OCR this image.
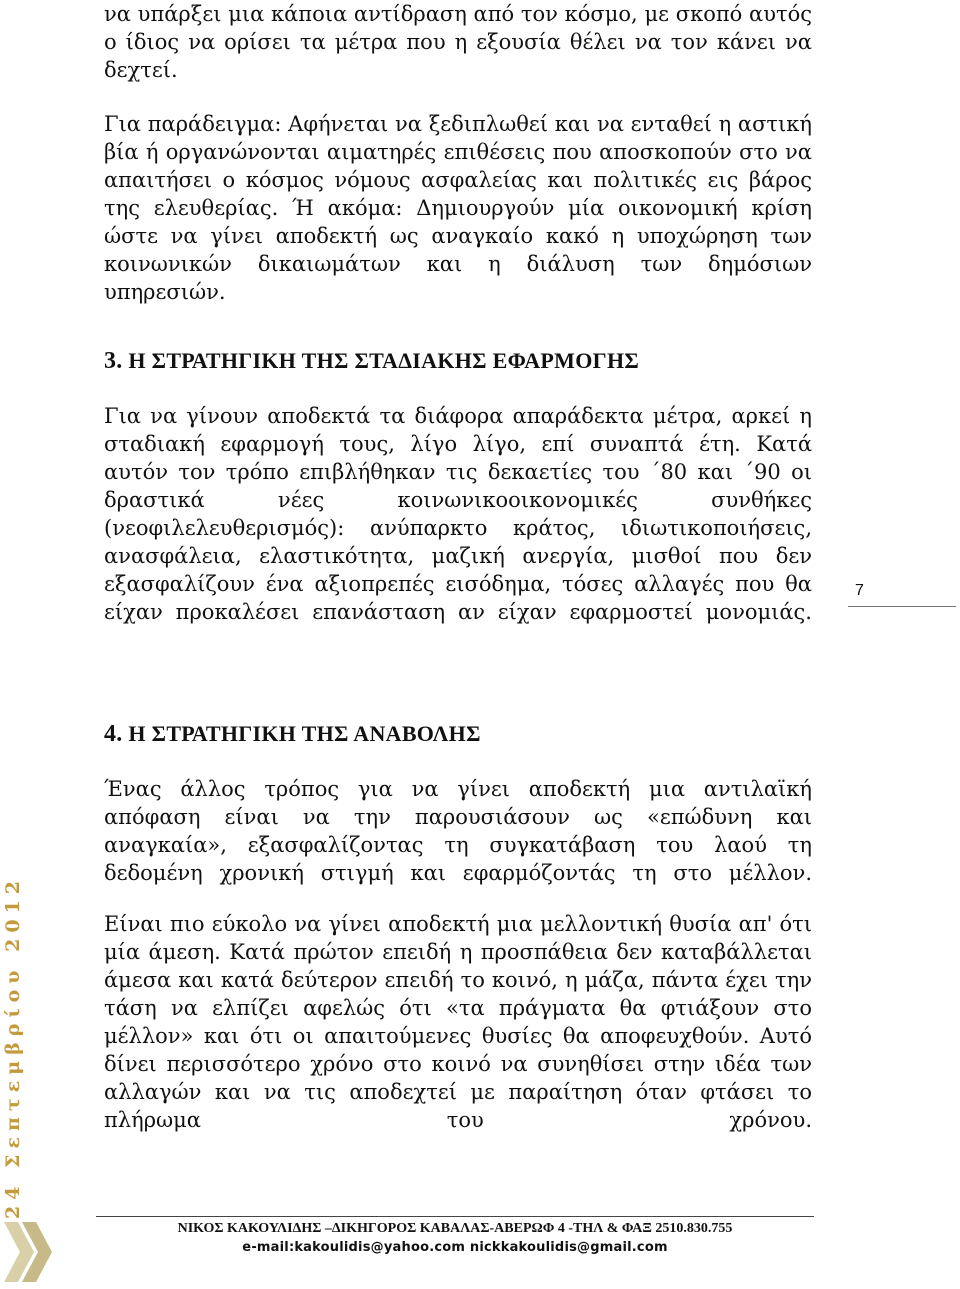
να υπάρξει μια κάποια αντίδραση από τον κόσμο, με σκοπό αυτός ο ίδιος να ορίσει τα μέτρα που η εξουσία θέλει να τον κάνει να δεχτεί.

Για παράδειγμα: Αφήνεται να ξεδιπλωθεί και να ενταθεί η αστική βία ή οργανώνονται αιματηρές επιθέσεις που αποσκοπούν στο να απαιτήσει ο κόσμος νόμους ασφαλείας και πολιτικές εις βάρος της ελευθερίας. Ή ακόμα: Δημιουργούν μία οικονομική κρίση ώστε να γίνει αποδεκτή ως αναγκαίο κακό η υποχώρηση των κοινωνικών δικαιωμάτων και η διάλυση των δημόσιων υπηρεσιών.

3. Η ΣΤΡΑΤΗΓΙΚΗ ΤΗΣ ΣΤΑΔΙΑΚΗΣ ΕΦΑΡΜΟΓΗΣ

Για να γίνουν αποδεκτά τα διάφορα απαράδεκτα μέτρα, αρκεί η σταδιακή εφαρμογή τους, λίγο λίγο, επί συναπτά έτη. Κατά αυτόν τον τρόπο επιβλήθηκαν τις δεκαετίες του ΄80 και ΄90 οι δραστικά νέες κοινωνικοοικονομικές συνθήκες (νεοφιλελευθερισμός): ανύπαρκτο κράτος, ιδιωτικοποιήσεις, ανασφάλεια, ελαστικότητα, μαζική ανεργία, μισθοί που δεν εξασφαλίζουν ένα αξιοπρεπές εισόδημα, τόσες αλλαγές που θα είχαν προκαλέσει επανάσταση αν είχαν εφαρμοστεί μονομιάς.

7
4. Η ΣΤΡΑΤΗΓΙΚΗ ΤΗΣ ΑΝΑΒΟΛΗΣ

Ένας άλλος τρόπος για να γίνει αποδεκτή μια αντιλαϊκή απόφαση είναι να την παρουσιάσουν ως «επώδυνη και αναγκαία», εξασφαλίζοντας τη συγκατάβαση του λαού τη δεδομένη χρονική στιγμή και εφαρμόζοντάς τη στο μέλλον.

Είναι πιο εύκολο να γίνει αποδεκτή μια μελλοντική θυσία απ' ότι μία άμεση. Κατά πρώτον επειδή η προσπάθεια δεν καταβάλλεται άμεσα και κατά δεύτερον επειδή το κοινό, η μάζα, πάντα έχει την τάση να ελπίζει αφελώς ότι «τα πράγματα θα φτιάξουν στο μέλλον» και ότι οι απαιτούμενες θυσίες θα αποφευχθούν. Αυτό δίνει περισσότερο χρόνο στο κοινό να συνηθίσει στην ιδέα των αλλαγών και να τις αποδεχτεί με παραίτηση όταν φτάσει το πλήρωμα του χρόνου.

24 Σεπτεμβρίου 2012
ΝΙΚΟΣ ΚΑΚΟΥΛΙΔΗΣ –ΔΙΚΗΓΟΡΟΣ ΚΑΒΑΛΑΣ-ΑΒΕΡΩΦ 4 -ΤΗΛ & ΦΑΞ 2510.830.755
e-mail:kakoulidis@yahoo.com nickkakoulidis@gmail.com
